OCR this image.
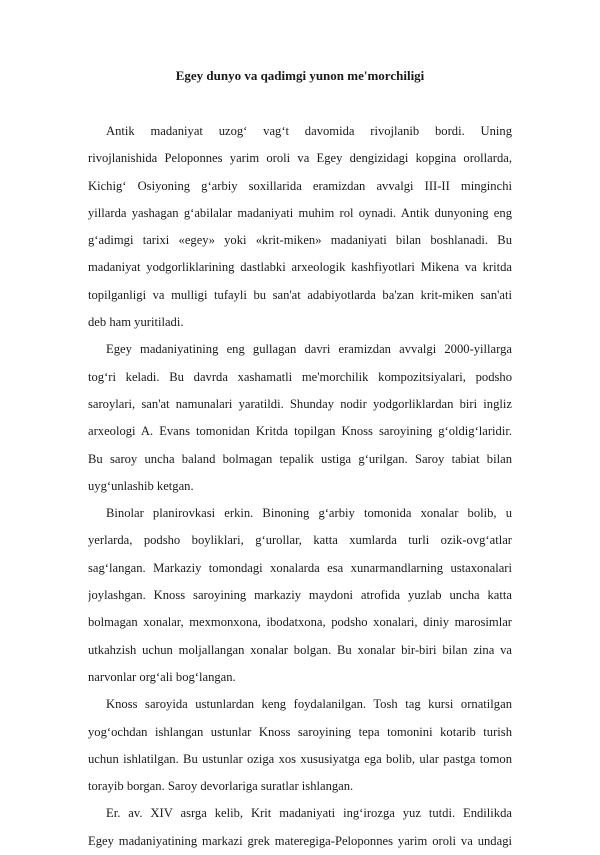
Egey dunyo va qadimgi yunon me'morchiligi
Antik madaniyat uzog‘ vag‘t davomida rivojlanib bordi. Uning
rivojlanishida Peloponnes yarim oroli va Egey dengizidagi kopgina orollarda,
Kichig‘ Osiyoning g‘arbiy soxillarida eramizdan avvalgi III-II minginchi
yillarda yashagan g‘abilalar madaniyati muhim rol oynadi. Antik dunyoning eng
g‘adimgi tarixi «egey» yoki «krit-miken» madaniyati bilan boshlanadi. Bu
madaniyat yodgorliklarining dastlabki arxeologik kashfiyotlari Mikena va kritda
topilganligi va mulligi tufayli bu san'at adabiyotlarda ba'zan krit-miken san'ati
deb ham yuritiladi.
Egey madaniyatining eng gullagan davri eramizdan avvalgi 2000-yillarga
tog‘ri keladi. Bu davrda xashamatli me'morchilik kompozitsiyalari, podsho
saroylari, san'at namunalari yaratildi. Shunday nodir yodgorliklardan biri ingliz
arxeologi A. Evans tomonidan Kritda topilgan Knoss saroyining g‘oldig‘laridir.
Bu saroy uncha baland bolmagan tepalik ustiga g‘urilgan. Saroy tabiat bilan
uyg‘unlashib ketgan.
Binolar planirovkasi erkin. Binoning g‘arbiy tomonida xonalar bolib, u
yerlarda, podsho boyliklari, g‘urollar, katta xumlarda turli ozik-ovg‘atlar
sag‘langan. Markaziy tomondagi xonalarda esa xunarmandlarning ustaxonalari
joylashgan. Knoss saroyining markaziy maydoni atrofida yuzlab uncha katta
bolmagan xonalar, mexmonxona, ibodatxona, podsho xonalari, diniy marosimlar
utkahzish uchun moljallangan xonalar bolgan. Bu xonalar bir-biri bilan zina va
narvonlar org‘ali bog‘langan.
Knoss saroyida ustunlardan keng foydalanilgan. Tosh tag kursi ornatilgan
yog‘ochdan ishlangan ustunlar Knoss saroyining tepa tomonini kotarib turish
uchun ishlatilgan. Bu ustunlar oziga xos xususiyatga ega bolib, ular pastga tomon
torayib borgan. Saroy devorlariga suratlar ishlangan.
Er. av. XIV asrga kelib, Krit madaniyati ing‘irozga yuz tutdi. Endilikda
Egey madaniyatining markazi grek materegiga-Peloponnes yarim oroli va undagi
